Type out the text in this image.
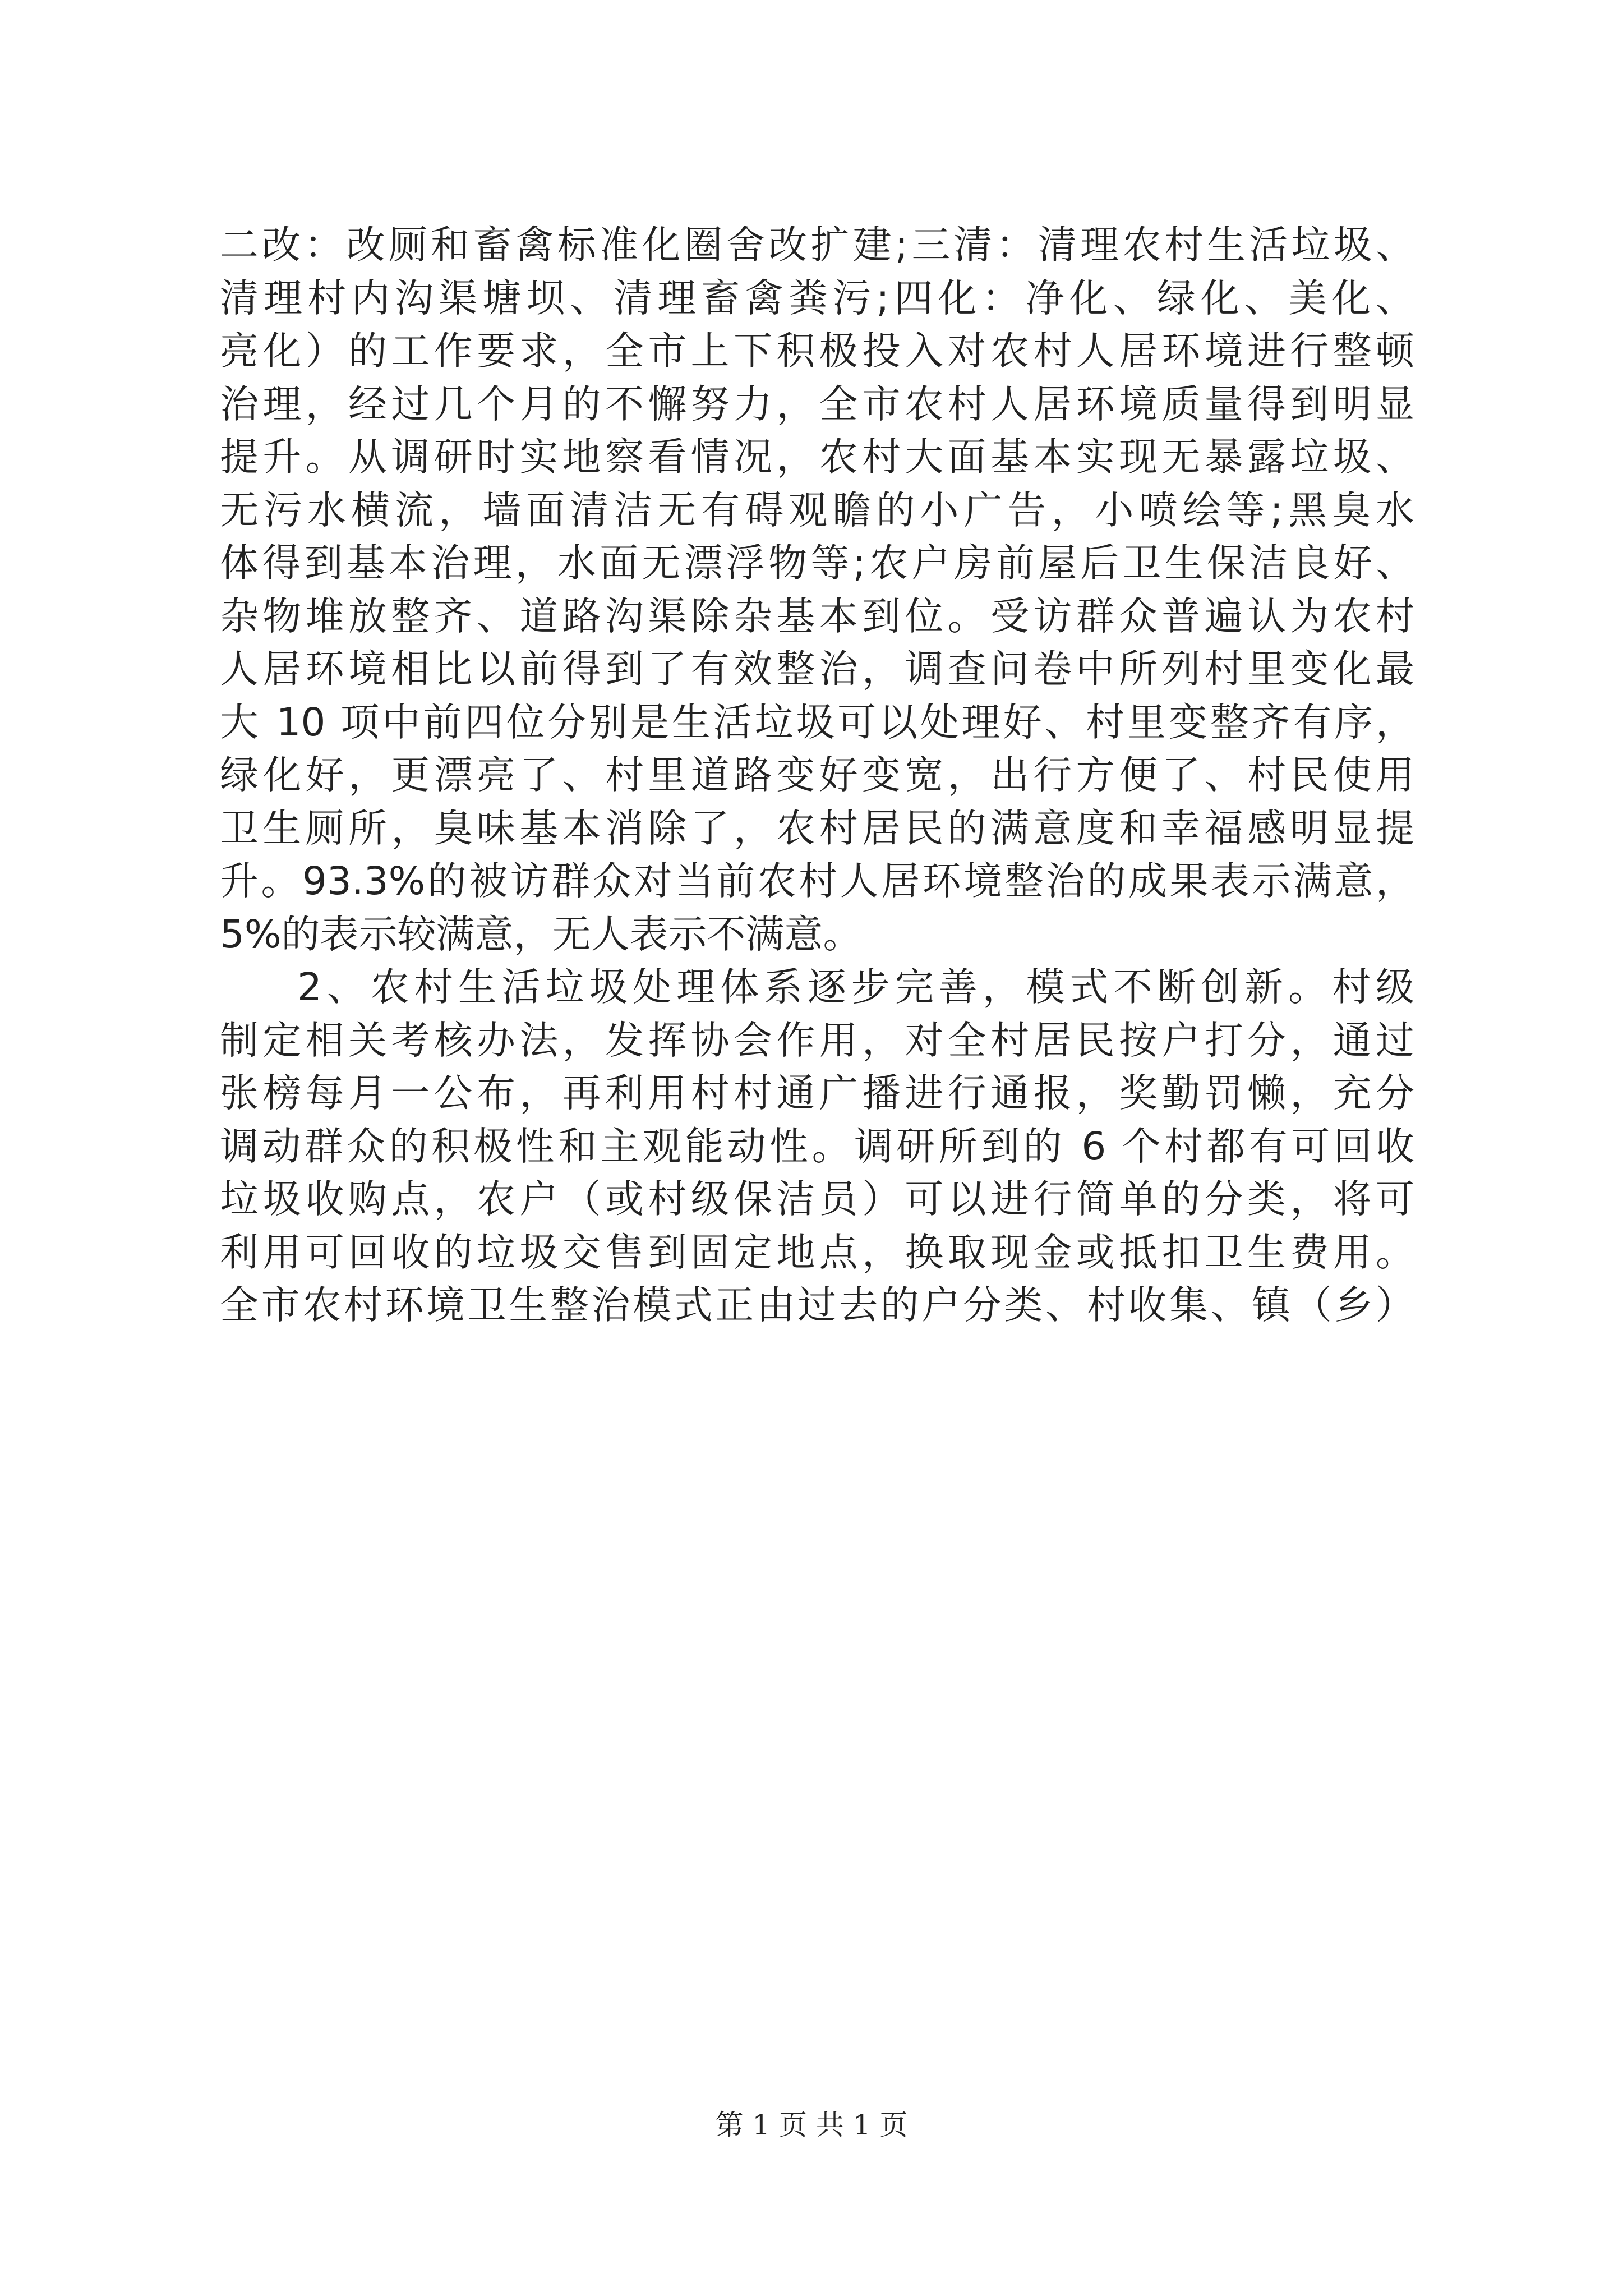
二改：改厕和畜禽标准化圈舍改扩建;三清：清理农村生活垃圾、
清理村内沟渠塘坝、清理畜禽粪污;四化：净化、绿化、美化、
亮化）的工作要求，全市上下积极投入对农村人居环境进行整顿
治理，经过几个月的不懈努力，全市农村人居环境质量得到明显
提升。从调研时实地察看情况，农村大面基本实现无暴露垃圾、
无污水横流，墙面清洁无有碍观瞻的小广告，小喷绘等;黑臭水
体得到基本治理，水面无漂浮物等;农户房前屋后卫生保洁良好、
杂物堆放整齐、道路沟渠除杂基本到位。受访群众普遍认为农村
人居环境相比以前得到了有效整治，调查问卷中所列村里变化最
大 10 项中前四位分别是生活垃圾可以处理好、村里变整齐有序，
绿化好，更漂亮了、村里道路变好变宽，出行方便了、村民使用
卫生厕所，臭味基本消除了，农村居民的满意度和幸福感明显提
升。93.3%的被访群众对当前农村人居环境整治的成果表示满意，
5%的表示较满意，无人表示不满意。
2、农村生活垃圾处理体系逐步完善，模式不断创新。村级
制定相关考核办法，发挥协会作用，对全村居民按户打分，通过
张榜每月一公布，再利用村村通广播进行通报，奖勤罚懒，充分
调动群众的积极性和主观能动性。调研所到的 6 个村都有可回收
垃圾收购点，农户（或村级保洁员）可以进行简单的分类，将可
利用可回收的垃圾交售到固定地点，换取现金或抵扣卫生费用。
全市农村环境卫生整治模式正由过去的户分类、村收集、镇（乡）
第 1 页 共 1 页
